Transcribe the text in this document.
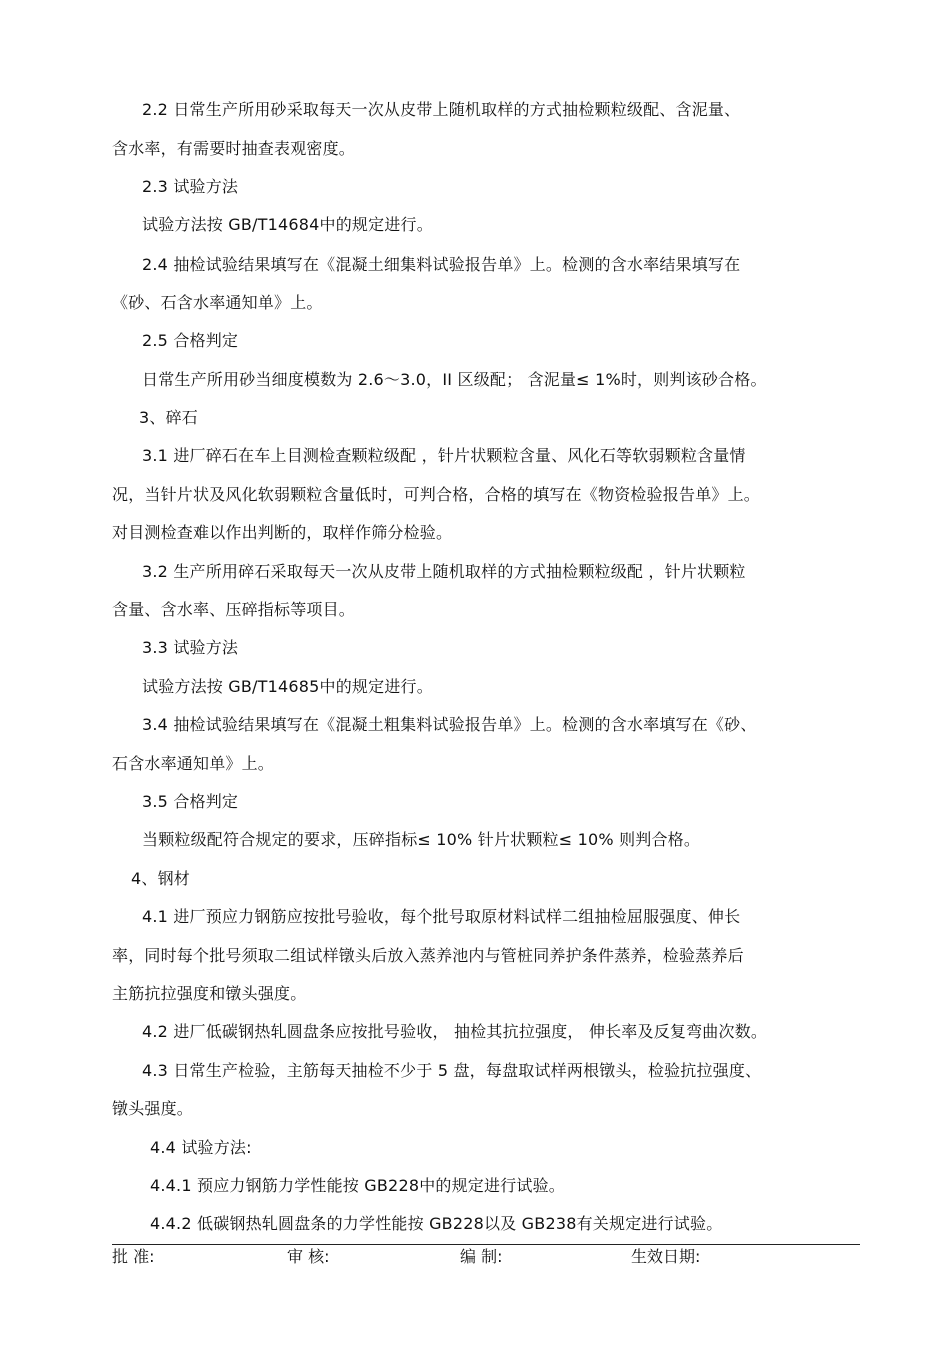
2.2 日常生产所用砂采取每天一次从皮带上随机取样的方式抽检颗粒级配、含泥量、
含水率，有需要时抽查表观密度。
2.3 试验方法
试验方法按 GB/T14684中的规定进行。
2.4 抽检试验结果填写在《混凝土细集料试验报告单》上。检测的含水率结果填写在
《砂、石含水率通知单》上。
2.5 合格判定
日常生产所用砂当细度模数为 2.6～3.0，II 区级配； 含泥量≤ 1%时，则判该砂合格。
3、碎石
3.1 进厂碎石在车上目测检查颗粒级配 ，针片状颗粒含量、风化石等软弱颗粒含量情
况，当针片状及风化软弱颗粒含量低时，可判合格，合格的填写在《物资检验报告单》上。
对目测检查难以作出判断的，取样作筛分检验。
3.2 生产所用碎石采取每天一次从皮带上随机取样的方式抽检颗粒级配 ，针片状颗粒
含量、含水率、压碎指标等项目。
3.3 试验方法
试验方法按 GB/T14685中的规定进行。
3.4 抽检试验结果填写在《混凝土粗集料试验报告单》上。检测的含水率填写在《砂、
石含水率通知单》上。
3.5 合格判定
当颗粒级配符合规定的要求，压碎指标≤ 10% 针片状颗粒≤ 10% 则判合格。
4、钢材
4.1 进厂预应力钢筋应按批号验收，每个批号取原材料试样二组抽检屈服强度、伸长
率，同时每个批号须取二组试样镦头后放入蒸养池内与管桩同养护条件蒸养，检验蒸养后
主筋抗拉强度和镦头强度。
4.2 进厂低碳钢热轧圆盘条应按批号验收， 抽检其抗拉强度， 伸长率及反复弯曲次数。
4.3 日常生产检验，主筋每天抽检不少于 5 盘，每盘取试样两根镦头，检验抗拉强度、
镦头强度。
4.4 试验方法:
4.4.1 预应力钢筋力学性能按 GB228中的规定进行试验。
4.4.2 低碳钢热轧圆盘条的力学性能按 GB228以及 GB238有关规定进行试验。
批 准:	审 核:	编 制:	生效日期:
